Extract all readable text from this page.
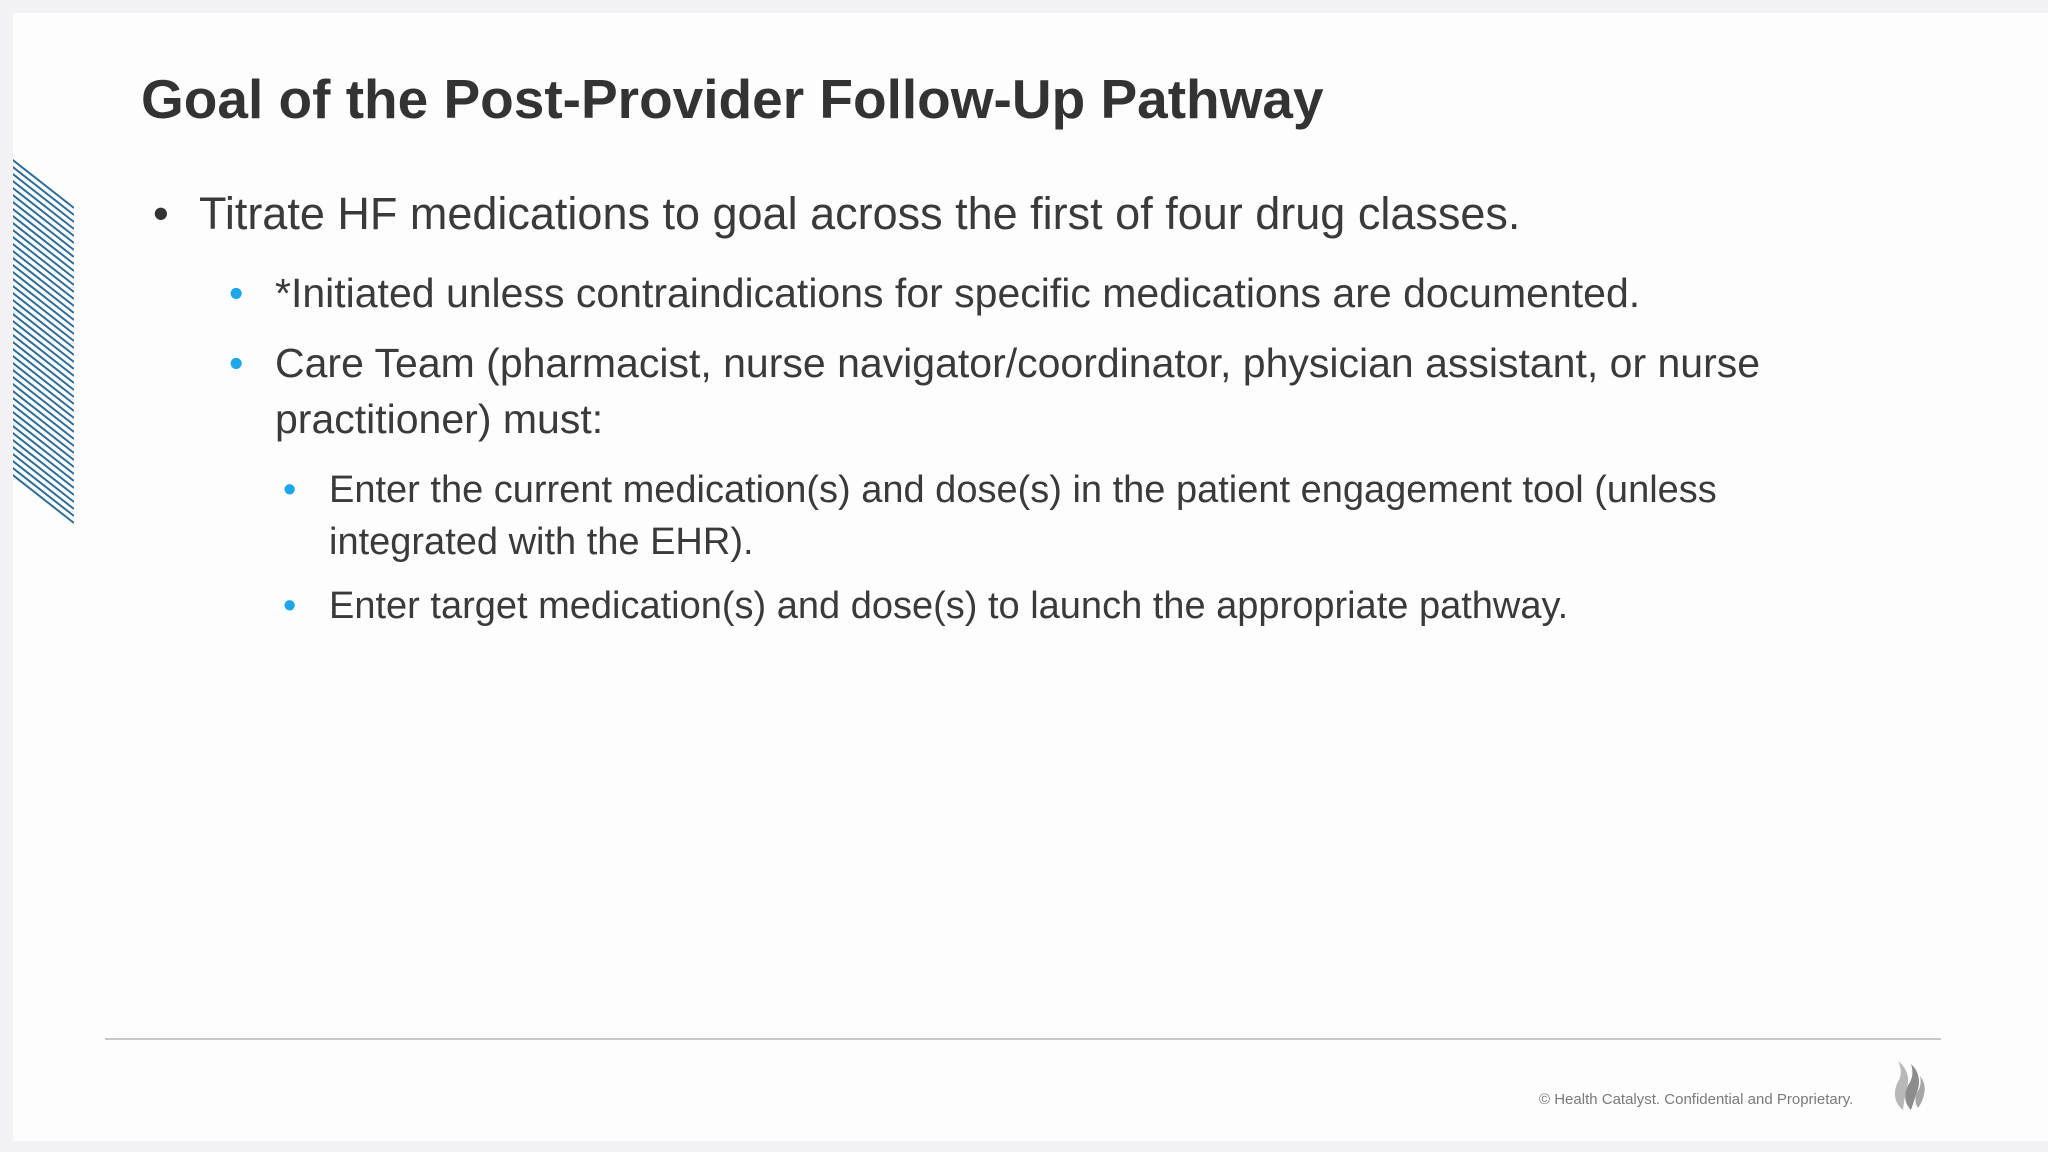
Goal of the Post-Provider Follow-Up Pathway
• Titrate HF medications to goal across the first of four drug classes.
• *Initiated unless contraindications for specific medications are documented.
• Care Team (pharmacist, nurse navigator/coordinator, physician assistant, or nurse practitioner) must:
• Enter the current medication(s) and dose(s) in the patient engagement tool (unless integrated with the EHR).
• Enter target medication(s) and dose(s) to launch the appropriate pathway.
© Health Catalyst. Confidential and Proprietary.
